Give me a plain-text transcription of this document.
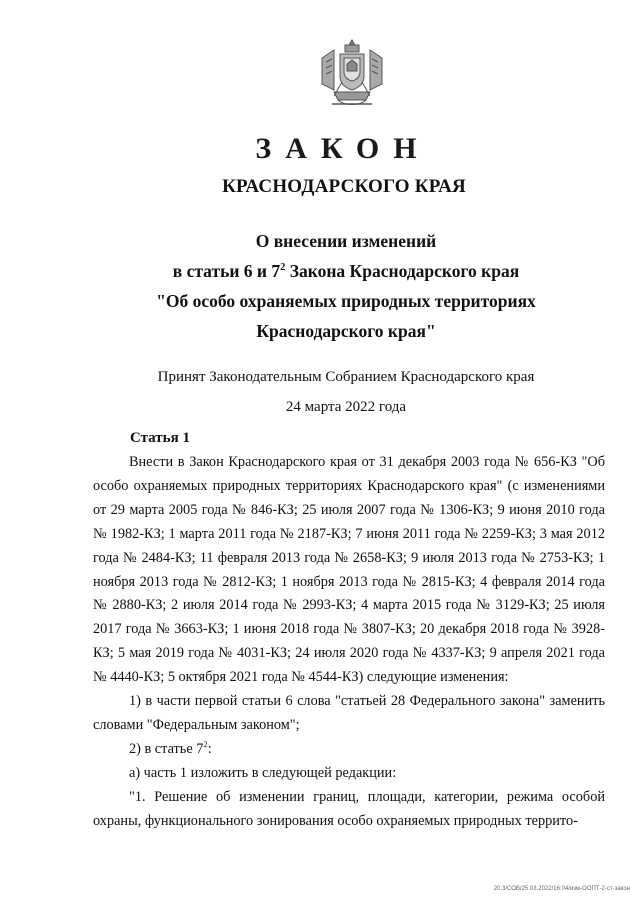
ЗАКОН
КРАСНОДАРСКОГО КРАЯ
О внесении изменений
в статьи 6 и $7^2$ Закона Краснодарского края
"Об особо охраняемых природных территориях
Краснодарского края"
Принят Законодательным Собранием Краснодарского края
24 марта 2022 года
Статья 1

Внести в Закон Краснодарского края от 31 декабря 2003 года № 656-КЗ "Об особо охраняемых природных территориях Краснодарского края" (с изменениями от 29 марта 2005 года № 846-КЗ; 25 июля 2007 года № 1306-КЗ; 9 июня 2010 года № 1982-КЗ; 1 марта 2011 года № 2187-КЗ; 7 июня 2011 года № 2259-КЗ; 3 мая 2012 года № 2484-КЗ; 11 февраля 2013 года № 2658-КЗ; 9 июля 2013 года № 2753-КЗ; 1 ноября 2013 года № 2812-КЗ; 1 ноября 2013 года № 2815-КЗ; 4 февраля 2014 года № 2880-КЗ; 2 июля 2014 года № 2993-КЗ; 4 марта 2015 года № 3129-КЗ; 25 июля 2017 года № 3663-КЗ; 1 июня 2018 года № 3807-КЗ; 20 декабря 2018 года № 3928-КЗ; 5 мая 2019 года № 4031-КЗ; 24 июля 2020 года № 4337-КЗ; 9 апреля 2021 года № 4440-КЗ; 5 октября 2021 года № 4544-КЗ) следующие изменения:

1) в части первой статьи 6 слова "статьей 28 Федерального закона" заменить словами "Федеральным законом";

2) в статье $7^2$:

а) часть 1 изложить в следующей редакции:

"1. Решение об изменении границ, площади, категории, режима особой охраны, функционального зонирования особо охраняемых природных террито-

20.3/СОВ/25.03.2022/16:04/изм-ООПТ-2-ст-закон
